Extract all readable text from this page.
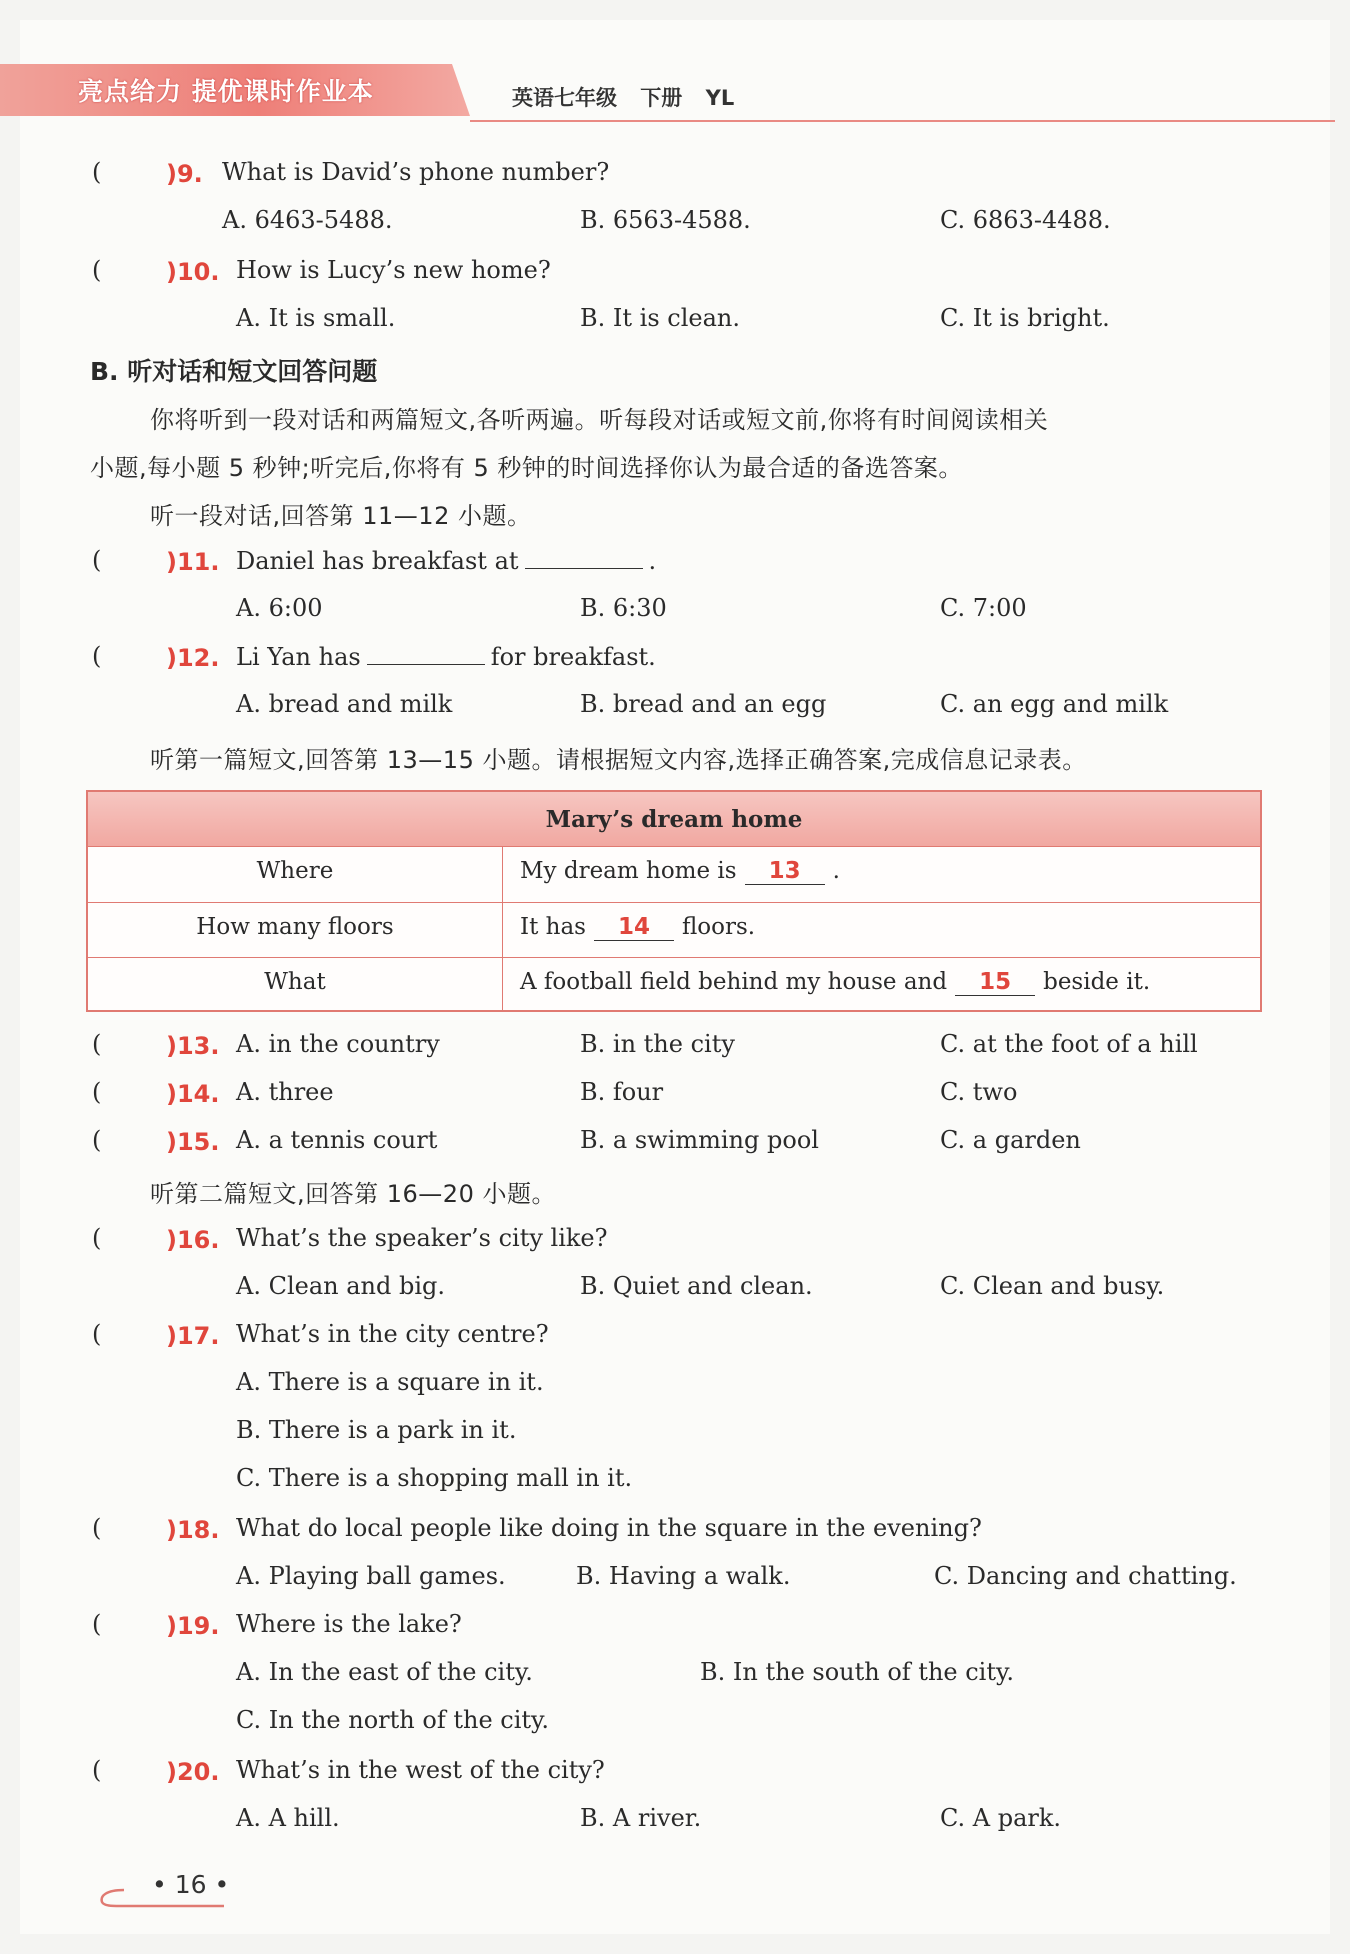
亮点给力 提优课时作业本	英语七年级 下册 YL
(	)9. What is David’s phone number?
A. 6463-5488.	B. 6563-4588.	C. 6863-4488.
(	)10. How is Lucy’s new home?
A. It is small.	B. It is clean.	C. It is bright.
B. 听对话和短文回答问题
你将听到一段对话和两篇短文,各听两遍。听每段对话或短文前,你将有时间阅读相关
小题,每小题 5 秒钟;听完后,你将有 5 秒钟的时间选择你认为最合适的备选答案。
听一段对话,回答第 11—12 小题。
(	)11. Daniel has breakfast at	.
A. 6:00	B. 6:30	C. 7:00
(	)12. Li Yan has	for breakfast.
A. bread and milk	B. bread and an egg	C. an egg and milk
听第一篇短文,回答第 13—15 小题。请根据短文内容,选择正确答案,完成信息记录表。
Mary’s dream home
Where	My dream home is 13 .
How many floors	It has 14 floors.
What	A football field behind my house and 15 beside it.
(	)13. A. in the country	B. in the city	C. at the foot of a hill
(	)14. A. three	B. four	C. two
(	)15. A. a tennis court	B. a swimming pool	C. a garden
听第二篇短文,回答第 16—20 小题。
(	)16. What’s the speaker’s city like?
A. Clean and big.	B. Quiet and clean.	C. Clean and busy.
(	)17. What’s in the city centre?
A. There is a square in it.
B. There is a park in it.
C. There is a shopping mall in it.
(	)18. What do local people like doing in the square in the evening?
A. Playing ball games.	B. Having a walk.	C. Dancing and chatting.
(	)19. Where is the lake?
A. In the east of the city.	B. In the south of the city.
C. In the north of the city.
(	)20. What’s in the west of the city?
A. A hill.	B. A river.	C. A park.
• 16 •
